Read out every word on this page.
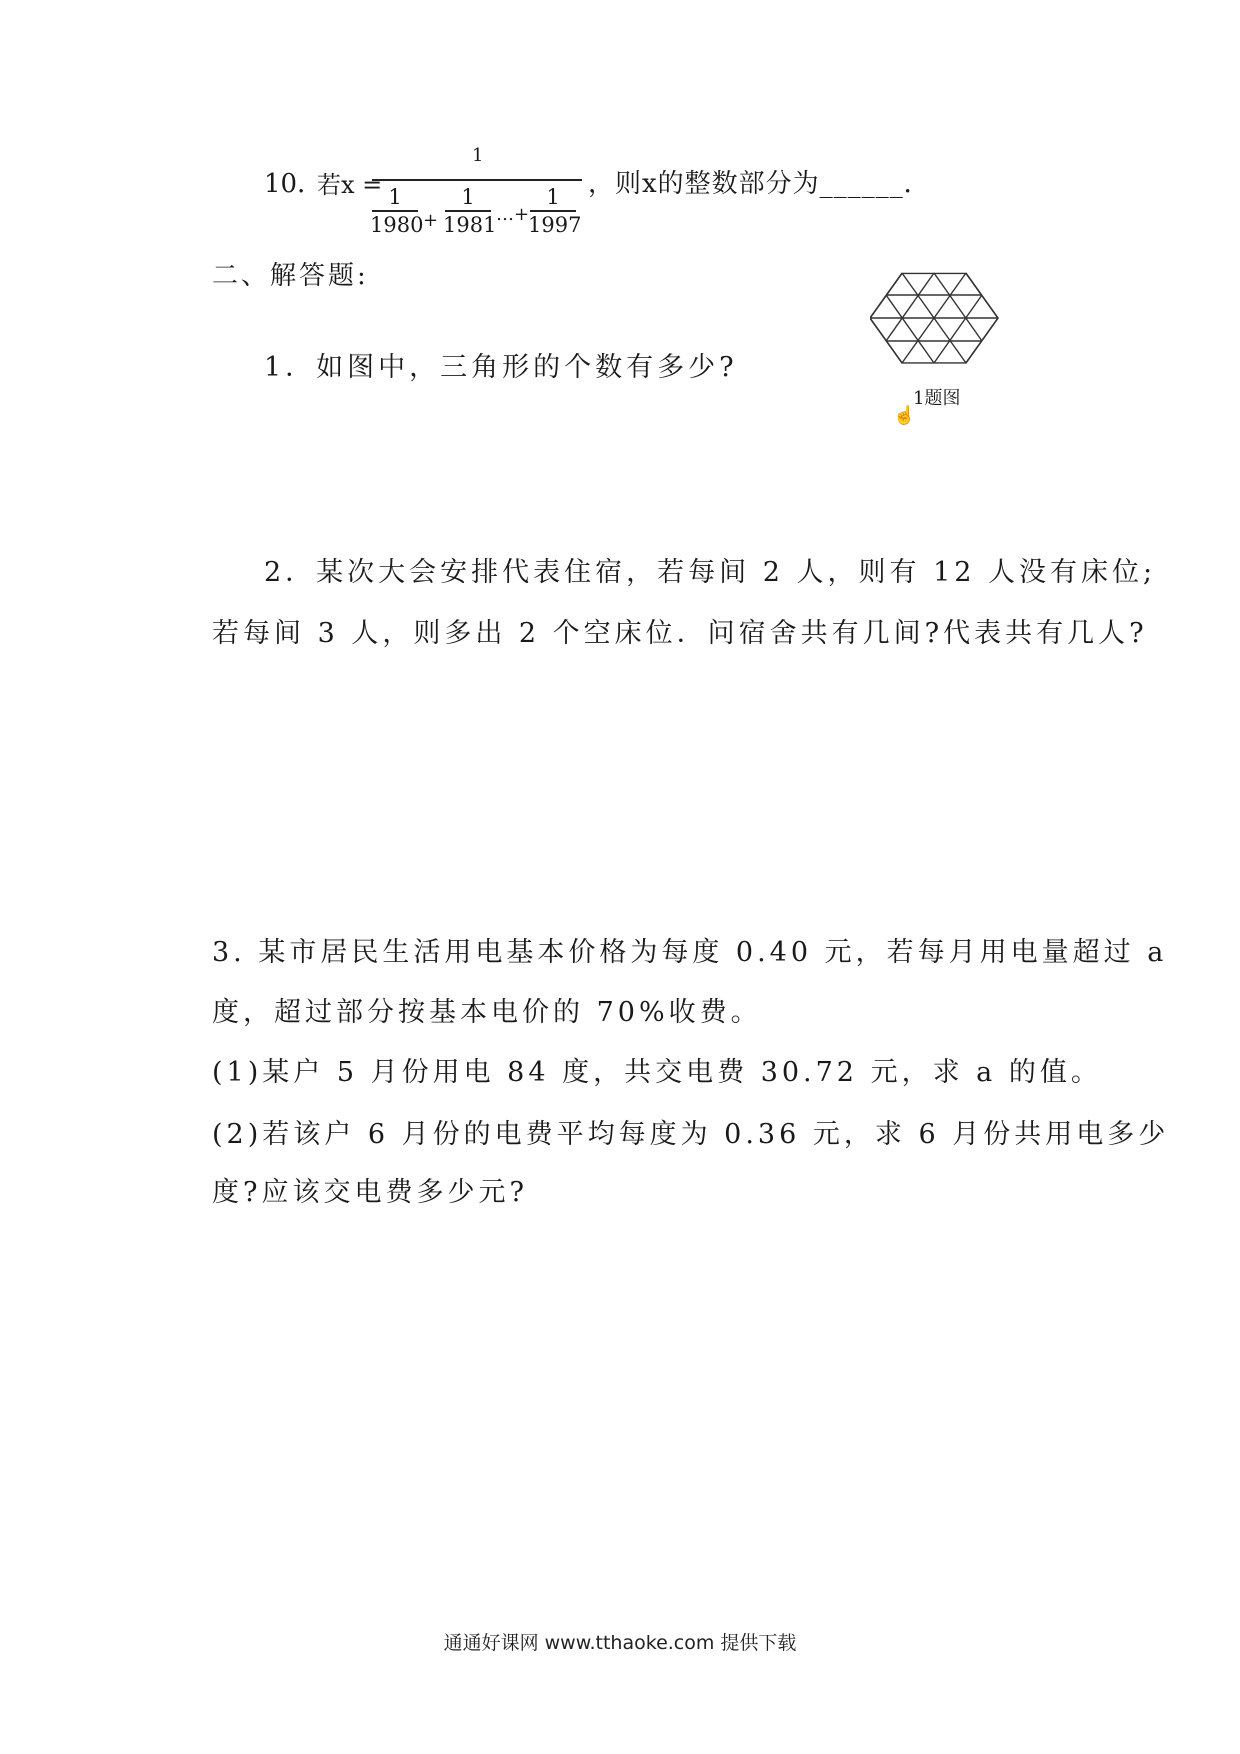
10．
若x =
1
1
1980 +
1
1981 …+
1
1997
，则x的整数部分为______．
二、解答题:
1．如图中，三角形的个数有多少?
1题图
☝
2．某次大会安排代表住宿，若每间 2 人，则有 12 人没有床位;
若每间 3 人，则多出 2 个空床位．问宿舍共有几间?代表共有几人?
3. 某市居民生活用电基本价格为每度 0.40 元，若每月用电量超过 a
度，超过部分按基本电价的 70%收费。
(1)某户 5 月份用电 84 度，共交电费 30.72 元，求 a 的值。
(2)若该户 6 月份的电费平均每度为 0.36 元，求 6 月份共用电多少
度?应该交电费多少元?
通通好课网 www.tthaoke.com 提供下载
